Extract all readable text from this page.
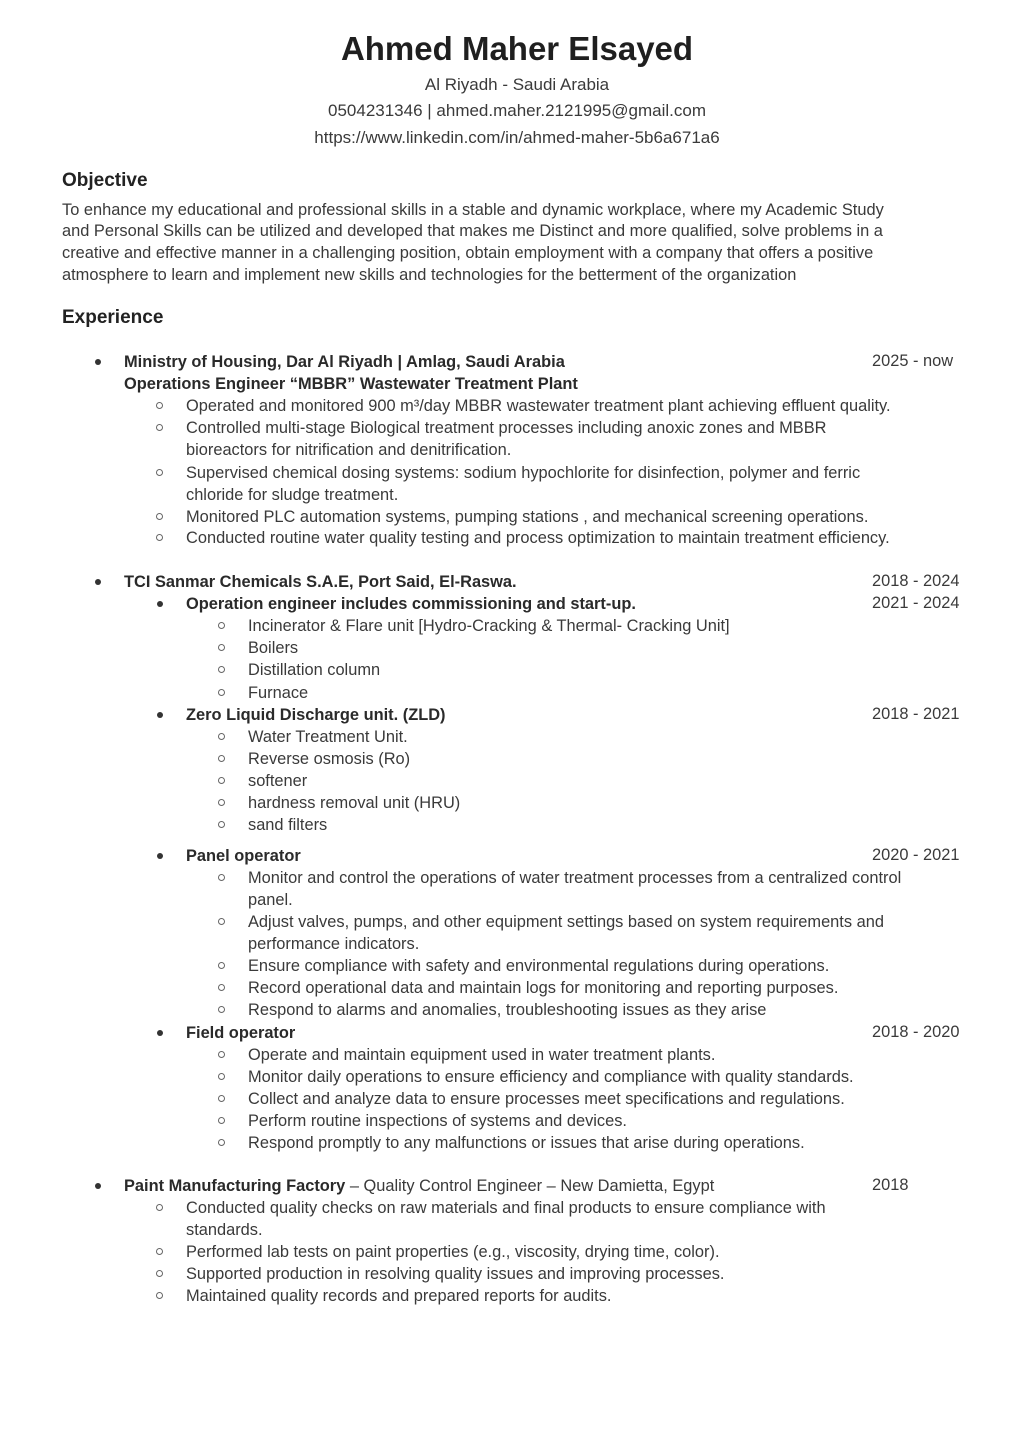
Ahmed Maher Elsayed
Al Riyadh - Saudi Arabia
0504231346 | ahmed.maher.2121995@gmail.com
https://www.linkedin.com/in/ahmed-maher-5b6a671a6
Objective
To enhance my educational and professional skills in a stable and dynamic workplace, where my Academic Study
and Personal Skills can be utilized and developed that makes me Distinct and more qualified, solve problems in a
creative and effective manner in a challenging position, obtain employment with a company that offers a positive
atmosphere to learn and implement new skills and technologies for the betterment of the organization
Experience
Ministry of Housing, Dar Al Riyadh | Amlag, Saudi Arabia	2025 - now
Operations Engineer “MBBR” Wastewater Treatment Plant
Operated and monitored 900 m³/day MBBR wastewater treatment plant achieving effluent quality.
Controlled multi-stage Biological treatment processes including anoxic zones and MBBR
bioreactors for nitrification and denitrification.
Supervised chemical dosing systems: sodium hypochlorite for disinfection, polymer and ferric
chloride for sludge treatment.
Monitored PLC automation systems, pumping stations , and mechanical screening operations.
Conducted routine water quality testing and process optimization to maintain treatment efficiency.
TCI Sanmar Chemicals S.A.E, Port Said, El-Raswa.	2018 - 2024
Operation engineer includes commissioning and start-up.	2021 - 2024
Incinerator & Flare unit [Hydro-Cracking & Thermal- Cracking Unit]
Boilers
Distillation column
Furnace
Zero Liquid Discharge unit. (ZLD)	2018 - 2021
Water Treatment Unit.
Reverse osmosis (Ro)
softener
hardness removal unit (HRU)
sand filters
Panel operator	2020 - 2021
Monitor and control the operations of water treatment processes from a centralized control
panel.
Adjust valves, pumps, and other equipment settings based on system requirements and
performance indicators.
Ensure compliance with safety and environmental regulations during operations.
Record operational data and maintain logs for monitoring and reporting purposes.
Respond to alarms and anomalies, troubleshooting issues as they arise
Field operator	2018 - 2020
Operate and maintain equipment used in water treatment plants.
Monitor daily operations to ensure efficiency and compliance with quality standards.
Collect and analyze data to ensure processes meet specifications and regulations.
Perform routine inspections of systems and devices.
Respond promptly to any malfunctions or issues that arise during operations.
Paint Manufacturing Factory – Quality Control Engineer – New Damietta, Egypt	2018
Conducted quality checks on raw materials and final products to ensure compliance with
standards.
Performed lab tests on paint properties (e.g., viscosity, drying time, color).
Supported production in resolving quality issues and improving processes.
Maintained quality records and prepared reports for audits.
